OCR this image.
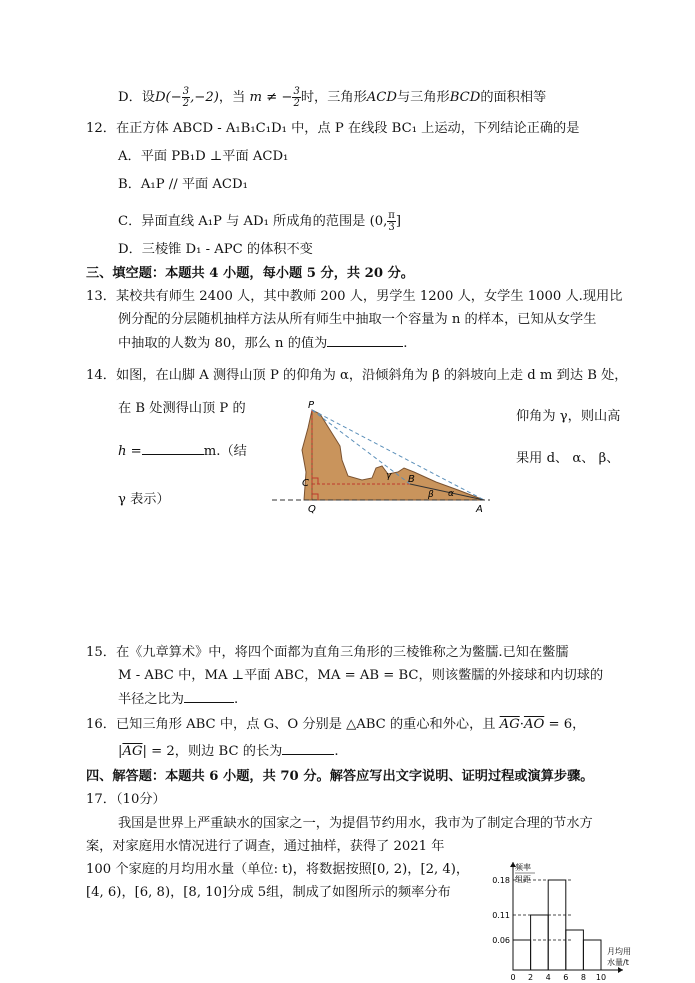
D．设$D(- \frac{3}{2} ,-2)$，当 m ≠ − $\frac{3}{2}$ 时，三角形ACD与三角形BCD的面积相等
12．在正方体 ABCD - A₁B₁C₁D₁ 中，点 P 在线段 BC₁ 上运动，下列结论正确的是
A．平面 PB₁D ⊥平面 ACD₁
B．A₁P // 平面 ACD₁
C．异面直线 A₁P 与 AD₁ 所成角的范围是 (0, $\frac{\pi}{3}$ ]
D．三棱锥 D₁ - APC 的体积不变
三、填空题：本题共 4 小题，每小题 5 分，共 20 分。
13．某校共有师生 2400 人，其中教师 200 人，男学生 1200 人，女学生 1000 人.现用比
例分配的分层随机抽样方法从所有师生中抽取一个容量为 n 的样本，已知从女学生
中抽取的人数为 80，那么 n 的值为	.
14．如图，在山脚 A 测得山顶 P 的仰角为 α，沿倾斜角为 β 的斜坡向上走 d m 到达 B 处，
在 B 处测得山顶 P 的
仰角为 γ，则山高
h =	m.（结	果用 d、 α、 β、
γ 表示）
P
C	B
Q	A
γ
β α
15．在《九章算术》中，将四个面都为直角三角形的三棱锥称之为鳖臑.已知在鳖臑
M - ABC 中，MA ⊥平面 ABC，MA = AB = BC，则该鳖臑的外接球和内切球的
半径之比为	.
16．已知三角形 ABC 中，点 G、O 分别是 △ABC 的重心和外心，且 $\overline{AG}\cdot\overline{AO} = 6$，
$|\overline{AG}| = 2$，则边 BC 的长为	.
四、解答题：本题共 6 小题，共 70 分。解答应写出文字说明、证明过程或演算步骤。
17．（10分）
我国是世界上严重缺水的国家之一，为提倡节约用水，我市为了制定合理的节水方
案，对家庭用水情况进行了调查，通过抽样，获得了 2021 年
100 个家庭的月均用水量（单位: t)，将数据按照[0, 2)，[2, 4)，
[4, 6)，[6, 8)，[8, 10]分成 5组，制成了如图所示的频率分布
0.18
0.11
0.06
0 2 4 6 8 10
频率
组距
月均用
水量/t
